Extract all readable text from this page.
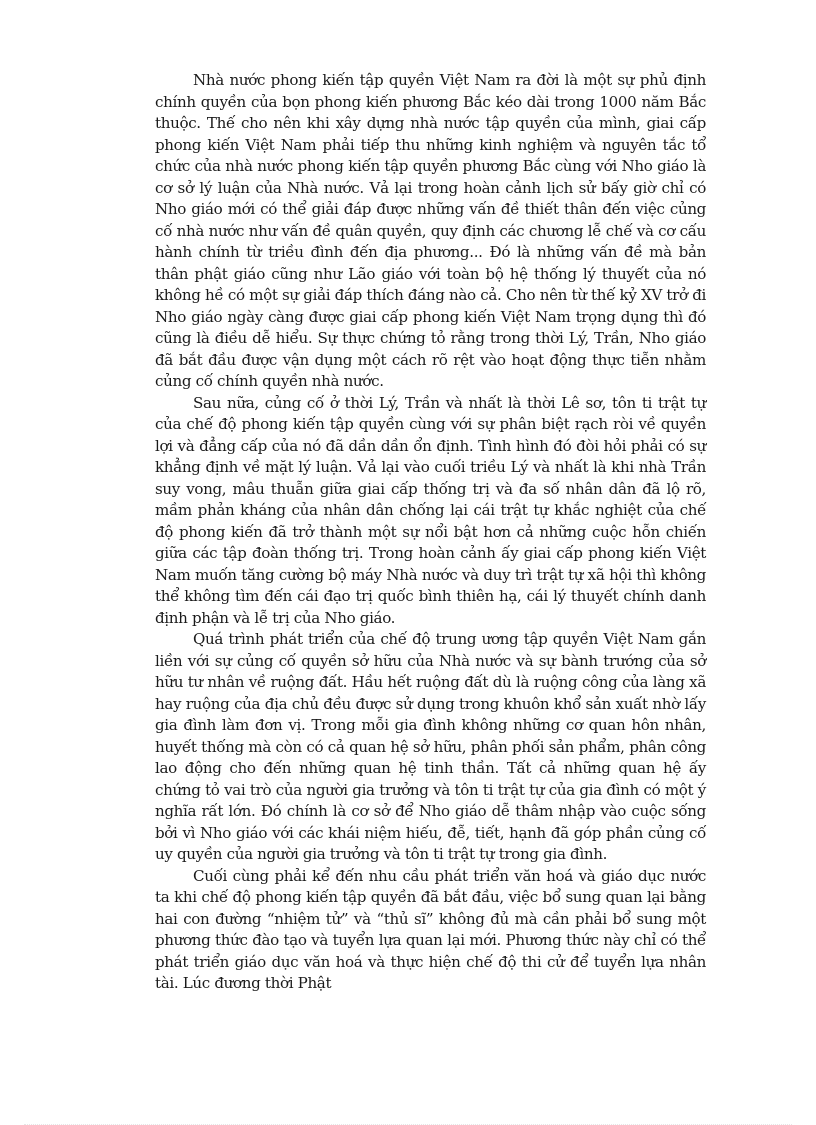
Nhà nước phong kiến tập quyền Việt Nam ra đời là một sự phủ định chính quyền của bọn phong kiến phương Bắc kéo dài trong 1000 năm Bắc thuộc. Thế cho nên khi xây dựng nhà nước tập quyền của mình, giai cấp phong kiến Việt Nam phải tiếp thu những kinh nghiệm và nguyên tắc tổ chức của nhà nước phong kiến tập quyền phương Bắc cùng với Nho giáo là cơ sở lý luận của Nhà nước. Vả lại trong hoàn cảnh lịch sử bấy giờ chỉ có Nho giáo mới có thể giải đáp được những vấn đề thiết thân đến việc củng cố nhà nước như vấn đề quân quyền, quy định các chương lễ chế và cơ cấu hành chính từ triều đình đến địa phương... Đó là những vấn đề mà bản thân phật giáo cũng như Lão giáo với toàn bộ hệ thống lý thuyết của nó không hề có một sự giải đáp thích đáng nào cả. Cho nên từ thế kỷ XV trở đi Nho giáo ngày càng được giai cấp phong kiến Việt Nam trọng dụng thì đó cũng là điều dễ hiểu. Sự thực chứng tỏ rằng trong thời Lý, Trần, Nho giáo đã bắt đầu được vận dụng một cách rõ rệt vào hoạt động thực tiễn nhằm củng cố chính quyền nhà nước.

Sau nữa, củng cố ở thời Lý, Trần và nhất là thời Lê sơ, tôn ti trật tự của chế độ phong kiến tập quyền cùng với sự phân biệt rạch ròi về quyền lợi và đẳng cấp của nó đã dần dần ổn định. Tình hình đó đòi hỏi phải có sự khẳng định về mặt lý luận. Vả lại vào cuối triều Lý và nhất là khi nhà Trần suy vong, mâu thuẫn giữa giai cấp thống trị và đa số nhân dân đã lộ rõ, mầm phản kháng của nhân dân chống lại cái trật tự khắc nghiệt của chế độ phong kiến đã trở thành một sự nổi bật hơn cả những cuộc hỗn chiến giữa các tập đoàn thống trị. Trong hoàn cảnh ấy giai cấp phong kiến Việt Nam muốn tăng cường bộ máy Nhà nước và duy trì trật tự xã hội thì không thể không tìm đến cái đạo trị quốc bình thiên hạ, cái lý thuyết chính danh định phận và lễ trị của Nho giáo.

Quá trình phát triển của chế độ trung ương tập quyền Việt Nam gắn liền với sự củng cố quyền sở hữu của Nhà nước và sự bành trướng của sở hữu tư nhân về ruộng đất. Hầu hết ruộng đất dù là ruộng công của làng xã hay ruộng của địa chủ đều được sử dụng trong khuôn khổ sản xuất nhờ lấy gia đình làm đơn vị. Trong mỗi gia đình không những cơ quan hôn nhân, huyết thống mà còn có cả quan hệ sở hữu, phân phối sản phẩm, phân công lao động cho đến những quan hệ tinh thần. Tất cả những quan hệ ấy chứng tỏ vai trò của người gia trưởng và tôn ti trật tự của gia đình có một ý nghĩa rất lớn. Đó chính là cơ sở để Nho giáo dễ thâm nhập vào cuộc sống bởi vì Nho giáo với các khái niệm hiếu, đễ, tiết, hạnh đã góp phần củng cố uy quyền của người gia trưởng và tôn ti trật tự trong gia đình.

Cuối cùng phải kể đến nhu cầu phát triển văn hoá và giáo dục nước ta khi chế độ phong kiến tập quyền đã bắt đầu, việc bổ sung quan lại bằng hai con đường “nhiệm tử” và “thủ sĩ” không đủ mà cần phải bổ sung một phương thức đào tạo và tuyển lựa quan lại mới. Phương thức này chỉ có thể phát triển giáo dục văn hoá và thực hiện chế độ thi cử để tuyển lựa nhân tài. Lúc đương thời Phật
